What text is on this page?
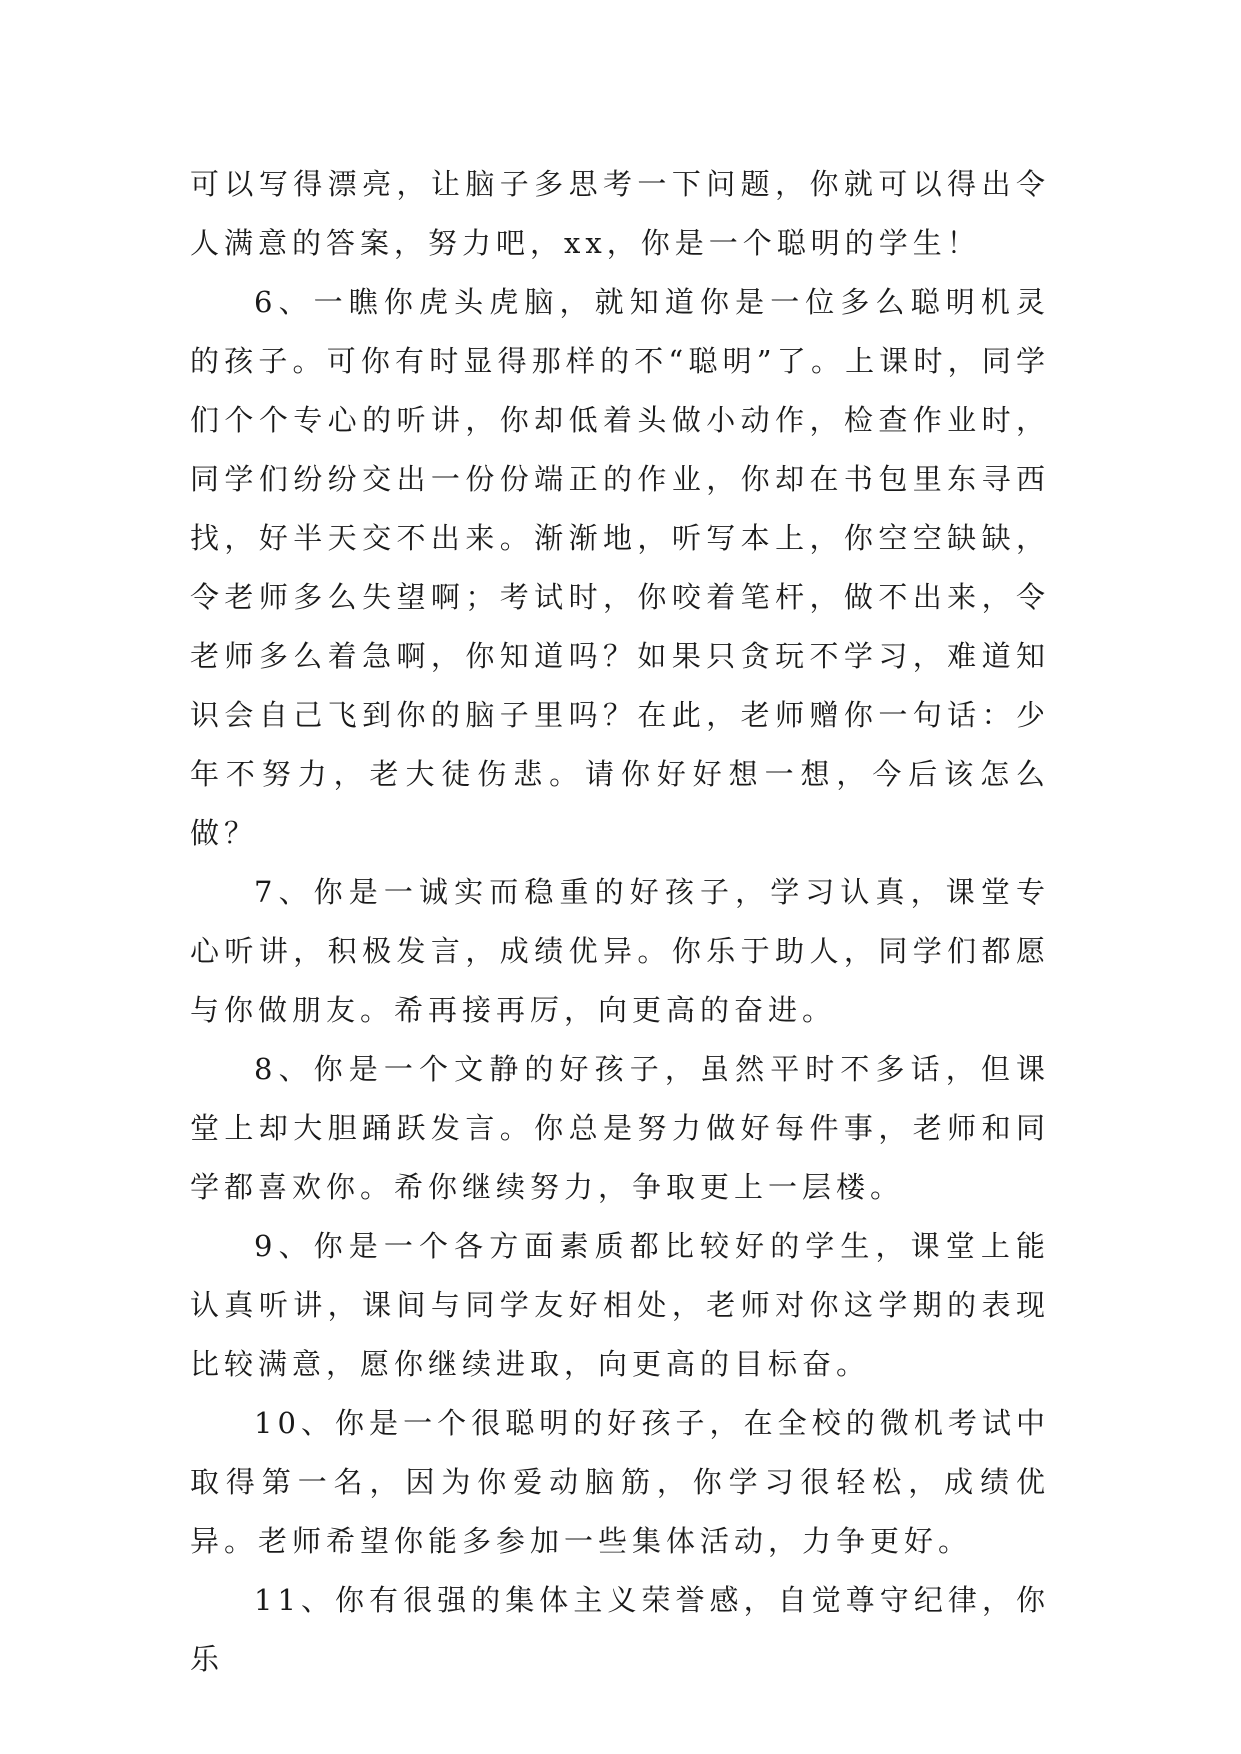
可以写得漂亮，让脑子多思考一下问题，你就可以得出令人满意的答案，努力吧，xx，你是一个聪明的学生！

6、一瞧你虎头虎脑，就知道你是一位多么聪明机灵的孩子。可你有时显得那样的不“聪明”了。上课时，同学们个个专心的听讲，你却低着头做小动作，检查作业时，同学们纷纷交出一份份端正的作业，你却在书包里东寻西找，好半天交不出来。渐渐地，听写本上，你空空缺缺，令老师多么失望啊；考试时，你咬着笔杆，做不出来，令老师多么着急啊，你知道吗？如果只贪玩不学习，难道知识会自己飞到你的脑子里吗？在此，老师赠你一句话：少年不努力，老大徒伤悲。请你好好想一想，今后该怎么做？

7、你是一诚实而稳重的好孩子，学习认真，课堂专心听讲，积极发言，成绩优异。你乐于助人，同学们都愿与你做朋友。希再接再厉，向更高的奋进。

8、你是一个文静的好孩子，虽然平时不多话，但课堂上却大胆踊跃发言。你总是努力做好每件事，老师和同学都喜欢你。希你继续努力，争取更上一层楼。

9、你是一个各方面素质都比较好的学生，课堂上能认真听讲，课间与同学友好相处，老师对你这学期的表现比较满意，愿你继续进取，向更高的目标奋。

10、你是一个很聪明的好孩子，在全校的微机考试中取得第一名，因为你爱动脑筋，你学习很轻松，成绩优异。老师希望你能多参加一些集体活动，力争更好。

11、你有很强的集体主义荣誉感，自觉尊守纪律，你乐
